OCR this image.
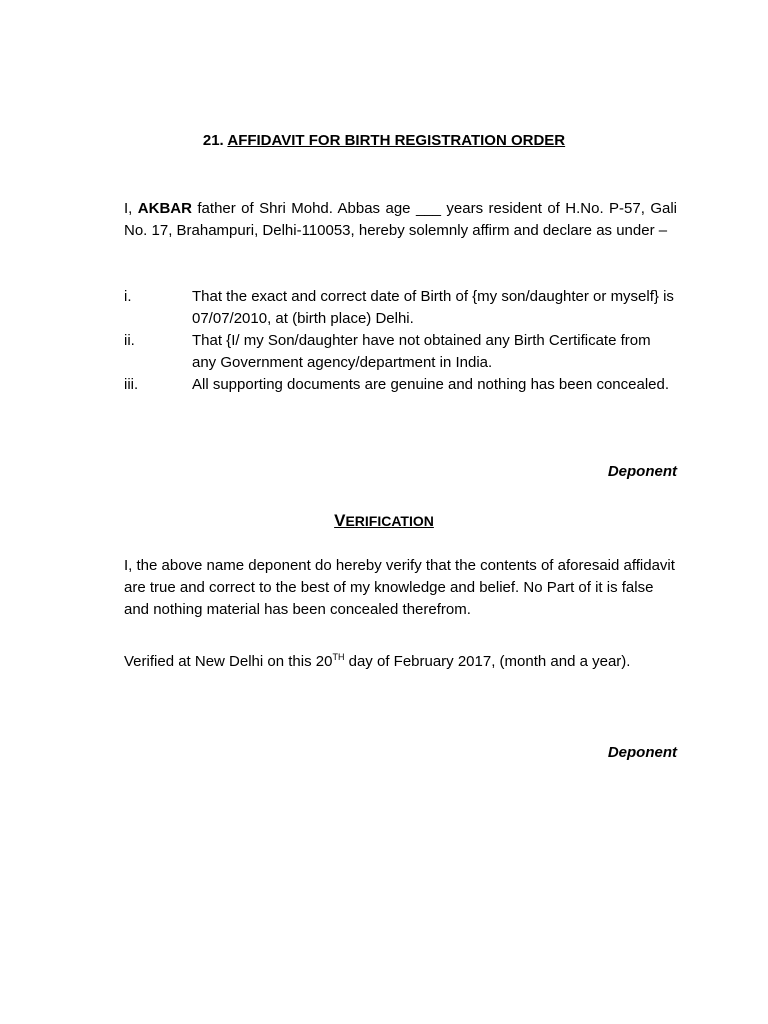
21. AFFIDAVIT FOR BIRTH REGISTRATION ORDER
I, AKBAR father of Shri Mohd. Abbas age ___ years resident of H.No. P-57, Gali No. 17, Brahampuri, Delhi-110053, hereby solemnly affirm and declare as under –
i.	That the exact and correct date of Birth of {my son/daughter or myself} is 07/07/2010, at (birth place) Delhi.
ii.	That {I/ my Son/daughter have not obtained any Birth Certificate from any Government agency/department in India.
iii.	All supporting documents are genuine and nothing has been concealed.
Deponent
VERIFICATION
I, the above name deponent do hereby verify that the contents of aforesaid affidavit are true and correct to the best of my knowledge and belief. No Part of it is false and nothing material has been concealed therefrom.
Verified at New Delhi on this 20TH day of February 2017, (month and a year).
Deponent
